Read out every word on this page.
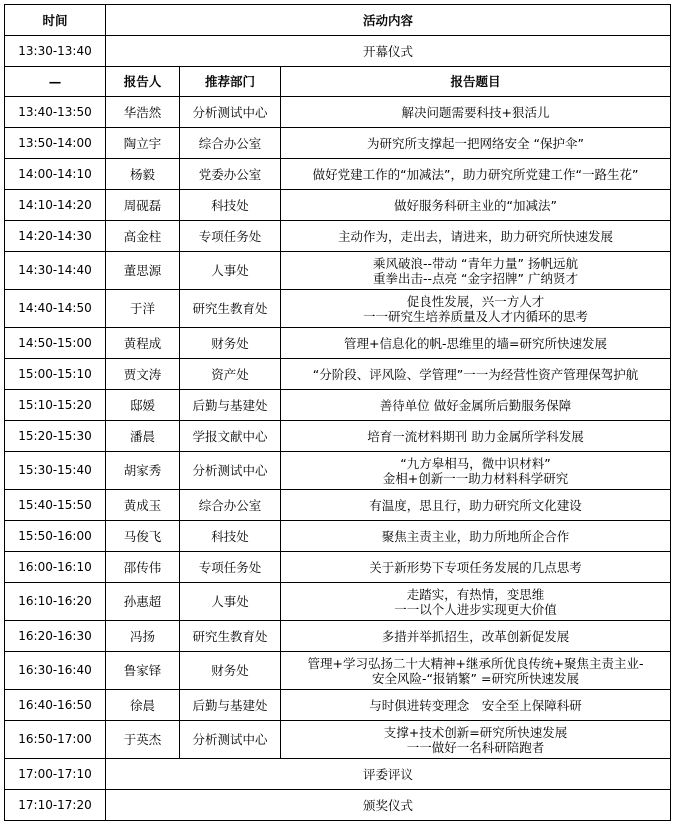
时间	活动内容		
13:30-13:40	开幕仪式		
—	报告人	推荐部门	报告题目
13:40-13:50	华浩然	分析测试中心	解决问题需要科技+狠活儿

13:50-14:00	陶立宇	综合办公室	为研究所支撑起一把网络安全 “保护伞”

14:00-14:10	杨毅	党委办公室	做好党建工作的“加减法”，助力研究所党建工作“一路生花”

14:10-14:20	周砚磊	科技处	做好服务科研主业的“加减法”

14:20-14:30	高金柱	专项任务处	主动作为，走出去，请进来，助力研究所快速发展

14:30-14:40	董思源	人事处	乘风破浪--带动 “青年力量” 扬帆远航
重拳出击--点亮 “金字招牌” 广纳贤才

14:40-14:50	于洋	研究生教育处	促良性发展，兴一方人才
一一研究生培养质量及人才内循环的思考

14:50-15:00	黄程成	财务处	管理+信息化的帆-思维里的墙=研究所快速发展

15:00-15:10	贾文涛	资产处	“分阶段、评风险、学管理”一一为经营性资产管理保驾护航

15:10-15:20	邸媛	后勤与基建处	善待单位 做好金属所后勤服务保障

15:20-15:30	潘晨	学报文献中心	培育一流材料期刊 助力金属所学科发展

15:30-15:40	胡家秀	分析测试中心	“九方皋相马，微中识材料”
金相+创新一一助力材料科学研究

15:40-15:50	黄成玉	综合办公室	有温度，思且行，助力研究所文化建设

15:50-16:00	马俊飞	科技处	聚焦主责主业，助力所地所企合作

16:00-16:10	邵传伟	专项任务处	关于新形势下专项任务发展的几点思考

16:10-16:20	孙惠超	人事处	走踏实，有热情，变思维
一一以个人进步实现更大价值

16:20-16:30	冯扬	研究生教育处	多措并举抓招生，改革创新促发展

16:30-16:40	鲁家铎	财务处	管理+学习弘扬二十大精神+继承所优良传统+聚焦主责主业-
安全风险-“报销繁” =研究所快速发展

16:40-16:50	徐晨	后勤与基建处	与时俱进转变理念　安全至上保障科研

16:50-17:00	于英杰	分析测试中心	支撑+技术创新=研究所快速发展
一一做好一名科研陪跑者

17:00-17:10	评委评议		
17:10-17:20	颁奖仪式		
